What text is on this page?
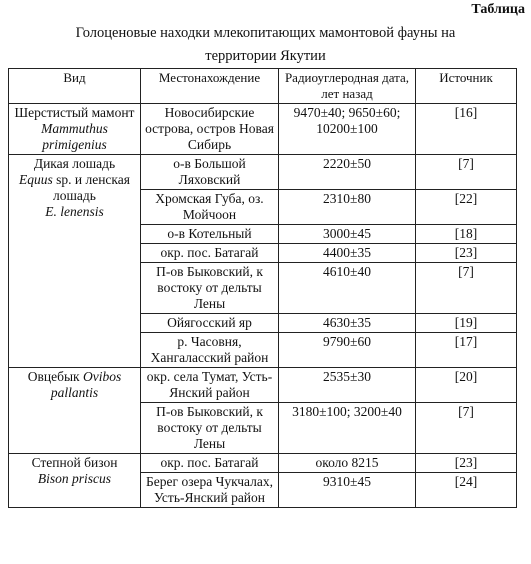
Таблица
Голоценовые находки млекопитающих мамонтовой фауны на
территории Якутии
Вид	Местонахождение	Радиоуглеродная дата, лет назад	Источник
Шерстистый мамонт
Mammuthus primigenius	Новосибирские острова, остров Новая Сибирь	9470±40; 9650±60; 10200±100	[16]
Дикая лошадь
Equus sp. и ленская лошадь
E. lenensis	о-в Большой Ляховский	2220±50	[7]
	Хромская Губа, оз. Мойчоон	2310±80	[22]
	о-в Котельный	3000±45	[18]
	окр. пос. Батагай	4400±35	[23]
	П-ов Быковский, к востоку от дельты Лены	4610±40	[7]
	Ойягосский яр	4630±35	[19]
	р. Часовня, Хангаласский район	9790±60	[17]
Овцебык Ovibos pallantis	окр. села Тумат, Усть-Янский район	2535±30	[20]
	П-ов Быковский, к востоку от дельты Лены	3180±100; 3200±40	[7]
Степной бизон
Bison priscus	окр. пос. Батагай	около 8215	[23]
	Берег озера Чукчалах, Усть-Янский район	9310±45	[24]
